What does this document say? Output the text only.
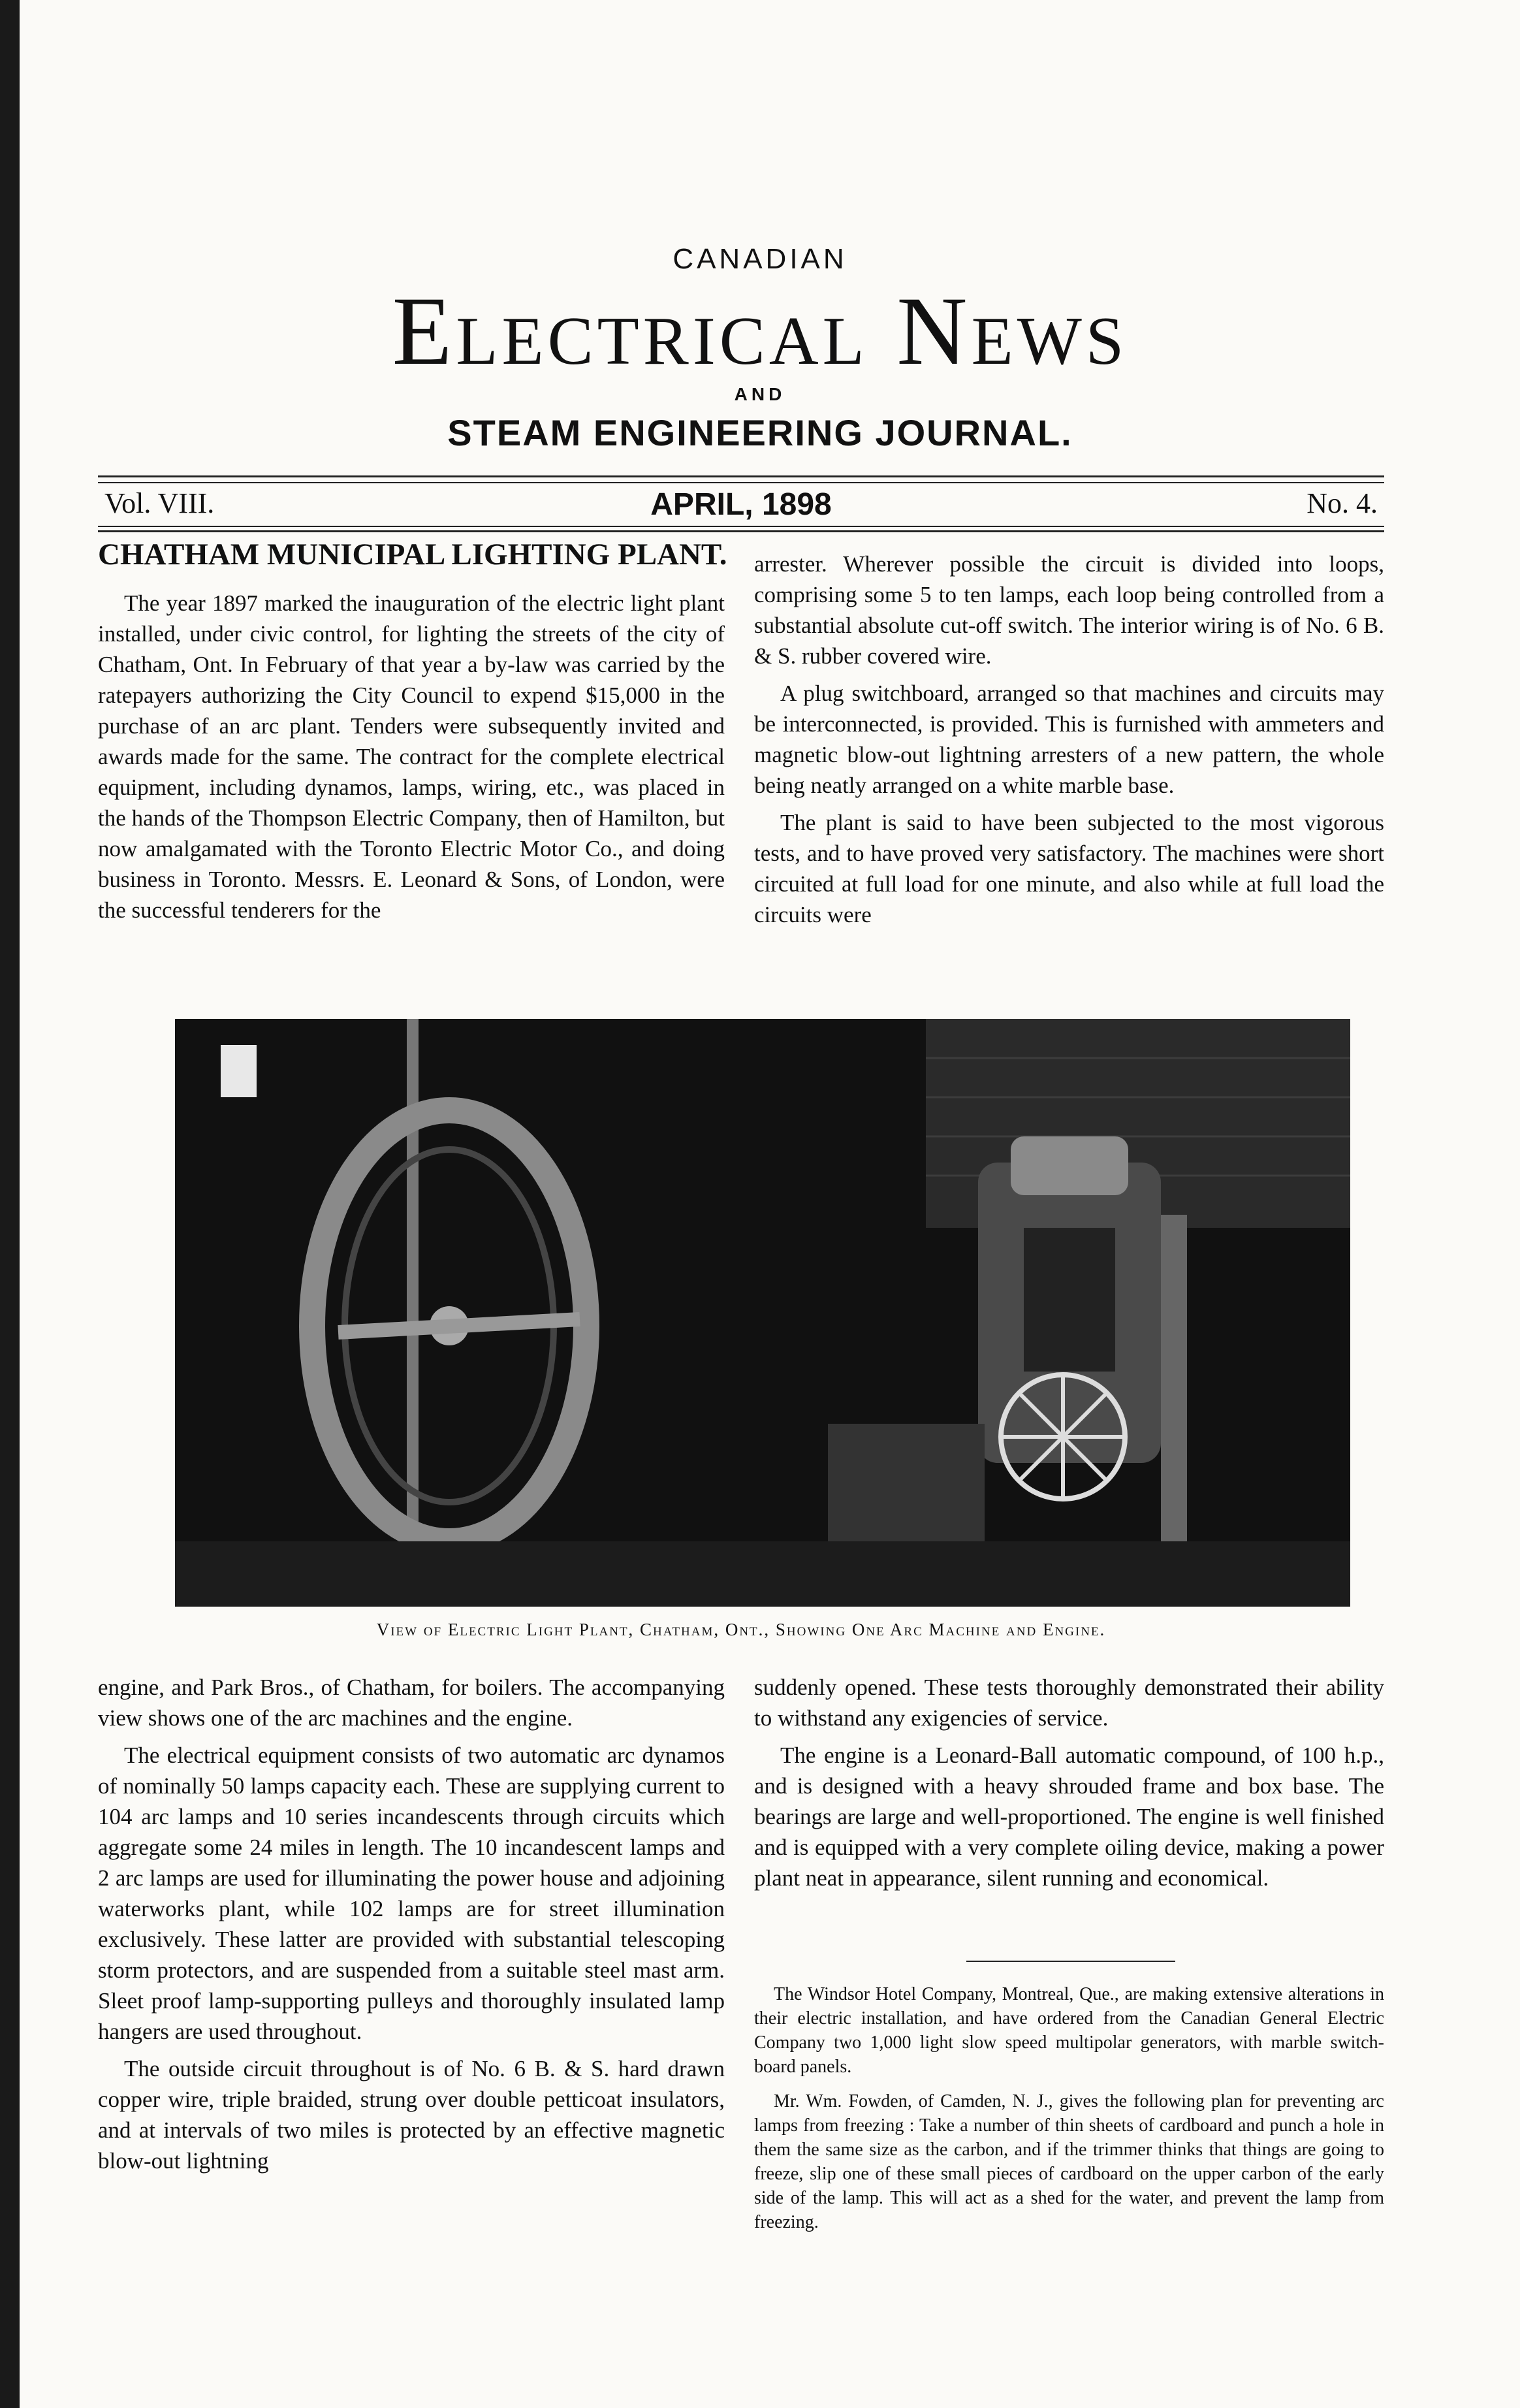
CANADIAN
Electrical News
AND
STEAM ENGINEERING JOURNAL.
Vol. VIII.	APRIL, 1898	No. 4.
CHATHAM MUNICIPAL LIGHTING PLANT.

The year 1897 marked the inauguration of the electric light plant installed, under civic control, for lighting the streets of the city of Chatham, Ont. In February of that year a by-law was carried by the ratepayers authorizing the City Council to expend $15,000 in the purchase of an arc plant. Tenders were subsequently invited and awards made for the same. The contract for the complete electrical equipment, including dynamos, lamps, wiring, etc., was placed in the hands of the Thompson Electric Company, then of Hamilton, but now amalgamated with the Toronto Electric Motor Co., and doing business in Toronto. Messrs. E. Leonard & Sons, of London, were the successful tenderers for the

arrester. Wherever possible the circuit is divided into loops, comprising some 5 to ten lamps, each loop being controlled from a substantial absolute cut-off switch. The interior wiring is of No. 6 B. & S. rubber covered wire.

A plug switchboard, arranged so that machines and circuits may be interconnected, is provided. This is furnished with ammeters and magnetic blow-out lightning arresters of a new pattern, the whole being neatly arranged on a white marble base.

The plant is said to have been subjected to the most vigorous tests, and to have proved very satisfactory. The machines were short circuited at full load for one minute, and also while at full load the circuits were

View of Electric Light Plant, Chatham, Ont., Showing One Arc Machine and Engine.

engine, and Park Bros., of Chatham, for boilers. The accompanying view shows one of the arc machines and the engine.

The electrical equipment consists of two automatic arc dynamos of nominally 50 lamps capacity each. These are supplying current to 104 arc lamps and 10 series incandescents through circuits which aggregate some 24 miles in length. The 10 incandescent lamps and 2 arc lamps are used for illuminating the power house and adjoining waterworks plant, while 102 lamps are for street illumination exclusively. These latter are provided with substantial telescoping storm protectors, and are suspended from a suitable steel mast arm. Sleet proof lamp-supporting pulleys and thoroughly insulated lamp hangers are used throughout.

The outside circuit throughout is of No. 6 B. & S. hard drawn copper wire, triple braided, strung over double petticoat insulators, and at intervals of two miles is protected by an effective magnetic blow-out lightning

suddenly opened. These tests thoroughly demonstrated their ability to withstand any exigencies of service.

The engine is a Leonard-Ball automatic compound, of 100 h.p., and is designed with a heavy shrouded frame and box base. The bearings are large and well-proportioned. The engine is well finished and is equipped with a very complete oiling device, making a power plant neat in appearance, silent running and economical.

The Windsor Hotel Company, Montreal, Que., are making extensive alterations in their electric installation, and have ordered from the Canadian General Electric Company two 1,000 light slow speed multipolar generators, with marble switch-board panels.

Mr. Wm. Fowden, of Camden, N. J., gives the following plan for preventing arc lamps from freezing : Take a number of thin sheets of cardboard and punch a hole in them the same size as the carbon, and if the trimmer thinks that things are going to freeze, slip one of these small pieces of cardboard on the upper carbon of the early side of the lamp. This will act as a shed for the water, and prevent the lamp from freezing.
